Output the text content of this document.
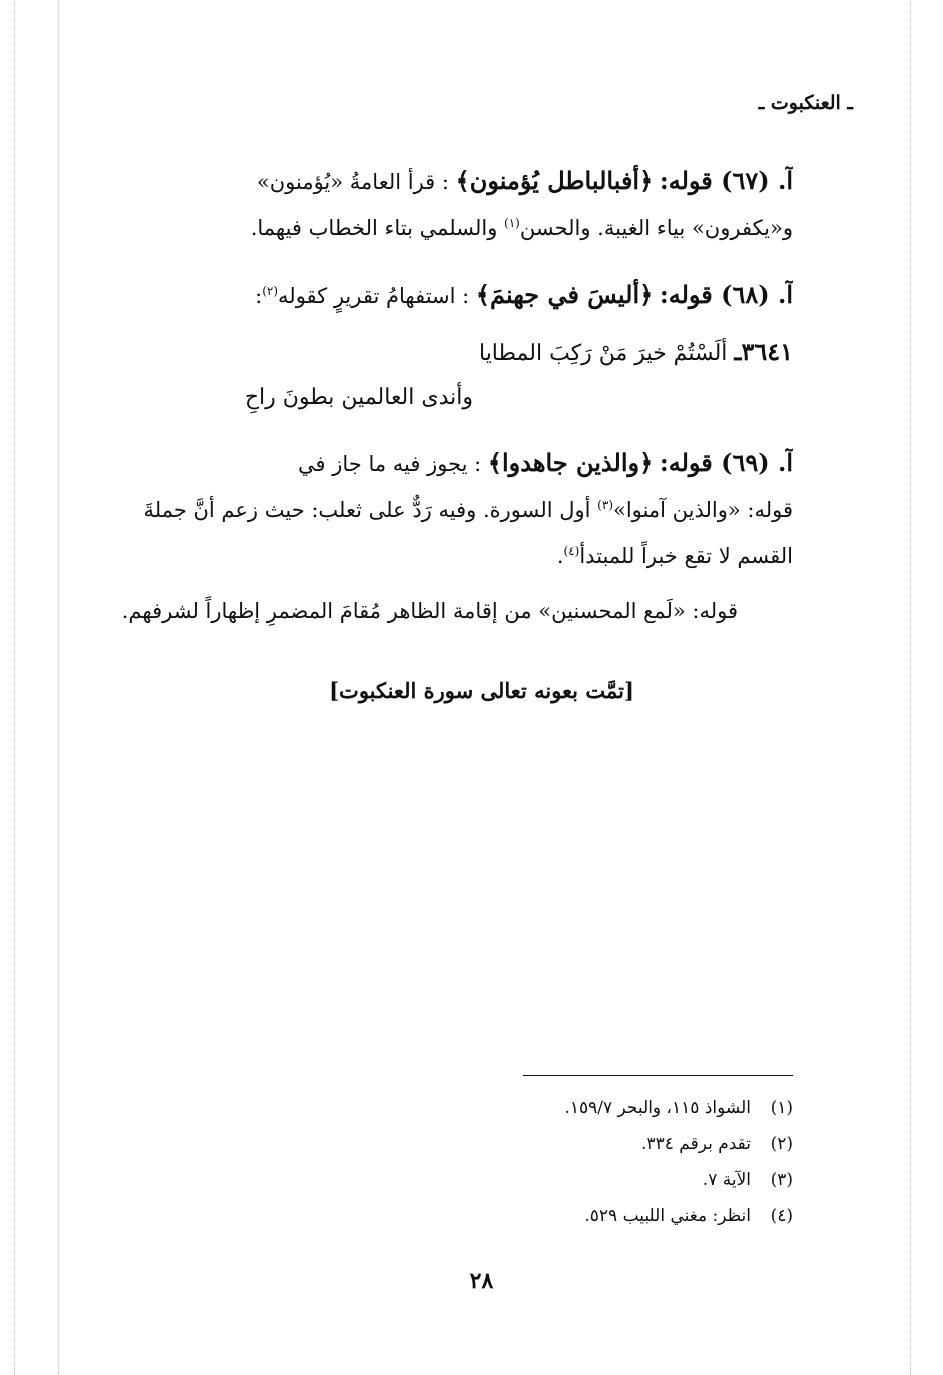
ـ العنكبوت ـ
آ. (٦٧) قوله: ﴿أفبالباطل يُؤمنون﴾ : قرأ العامةُ «يُؤمنون»
و«يكفرون» بياء الغيبة. والحسن$^{(١)}$ والسلمي بتاء الخطاب فيهما.
آ. (٦٨) قوله: ﴿أليسَ في جهنمَ﴾ : استفهامُ تقريرٍ كقوله$^{(٢)}$:
٣٦٤١ـ ألَسْتُمْ خيرَ مَنْ رَكِبَ المطايا
وأندى العالمين بطونَ راحِ
آ. (٦٩) قوله: ﴿والذين جاهدوا﴾ : يجوز فيه ما جاز في
قوله: «والذين آمنوا»$^{(٣)}$ أول السورة. وفيه رَدٌّ على ثعلب: حيث زعم أنَّ جملةَ
القسم لا تقع خبراً للمبتدأ$^{(٤)}$.
قوله: «لَمع المحسنين» من إقامة الظاهر مُقامَ المضمرِ إظهاراً لشرفهم.
[تمَّت بعونه تعالى سورة العنكبوت]
(١)الشواذ ١١٥، والبحر ١٥٩/٧.
(٢)تقدم برقم ٣٣٤.
(٣)الآية ٧.
(٤)انظر: مغني اللبيب ٥٢٩.
٢٨
